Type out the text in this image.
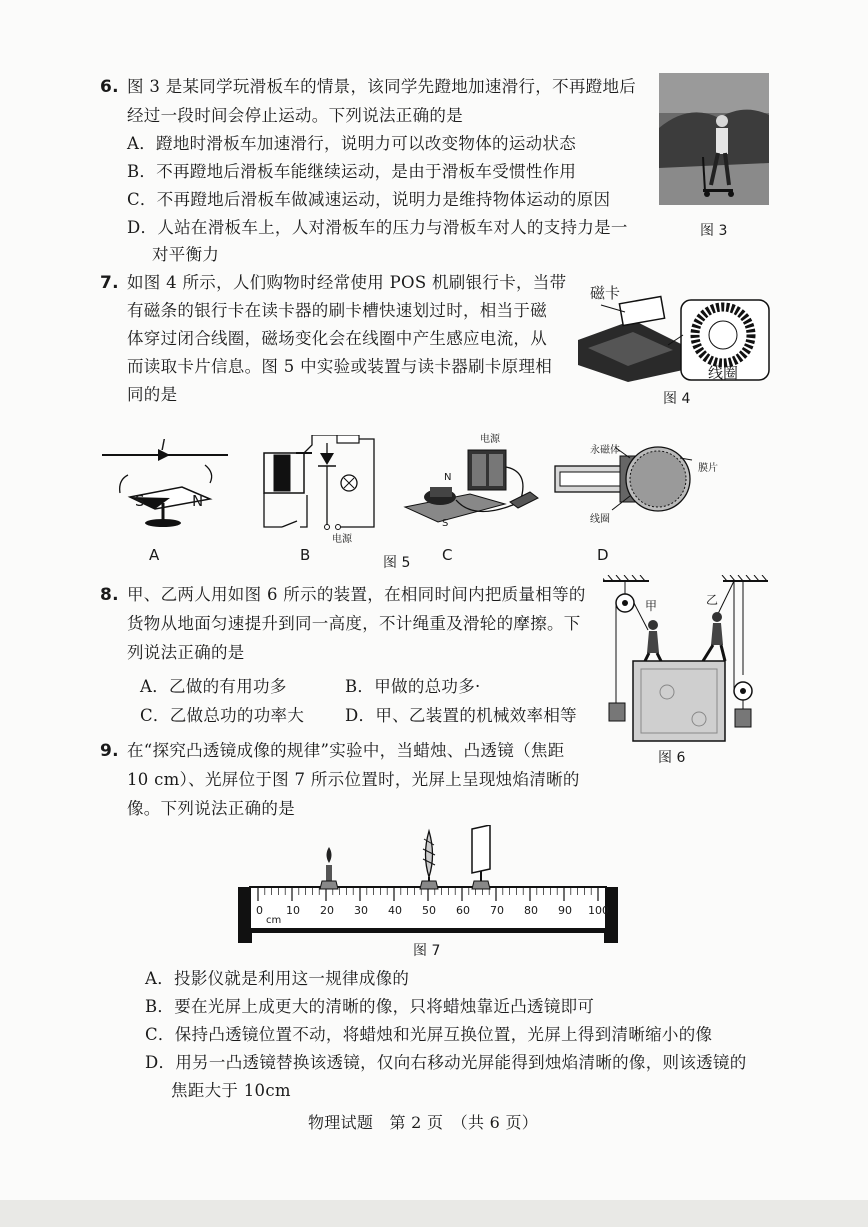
6. 图 3 是某同学玩滑板车的情景，该同学先蹬地加速滑行，不再蹬地后
经过一段时间会停止运动。下列说法正确的是
A．蹬地时滑板车加速滑行，说明力可以改变物体的运动状态
B．不再蹬地后滑板车能继续运动，是由于滑板车受惯性作用
C．不再蹬地后滑板车做减速运动，说明力是维持物体运动的原因
D．人站在滑板车上，人对滑板车的压力与滑板车对人的支持力是一
对平衡力
图 3
7. 如图 4 所示，人们购物时经常使用 POS 机刷银行卡，当带
有磁条的银行卡在读卡器的刷卡槽快速划过时，相当于磁
体穿过闭合线圈，磁场变化会在线圈中产生感应电流，从
而读取卡片信息。图 5 中实验或装置与读卡器刷卡原理相
同的是
磁卡
线圈
图 4
I
S	N
A
电源
B
电源
N
S
C
图 5
永磁体
膜片
线圈
D
8. 甲、乙两人用如图 6 所示的装置，在相同时间内把质量相等的
货物从地面匀速提升到同一高度，不计绳重及滑轮的摩擦。下
列说法正确的是
A．乙做的有用功多	B．甲做的总功多·
C．乙做总功的功率大 D．甲、乙装置的机械效率相等
甲	乙
图 6
9. 在“探究凸透镜成像的规律”实验中，当蜡烛、凸透镜（焦距
10 cm）、光屏位于图 7 所示位置时，光屏上呈现烛焰清晰的
像。下列说法正确的是
0 10 20 30 40 50 60 70 80 90 100
cm
图 7
A．投影仪就是利用这一规律成像的
B．要在光屏上成更大的清晰的像，只将蜡烛靠近凸透镜即可
C．保持凸透镜位置不动，将蜡烛和光屏互换位置，光屏上得到清晰缩小的像
D．用另一凸透镜替换该透镜，仅向右移动光屏能得到烛焰清晰的像，则该透镜的
焦距大于 10cm
物理试题　第 2 页　（共 6 页）
